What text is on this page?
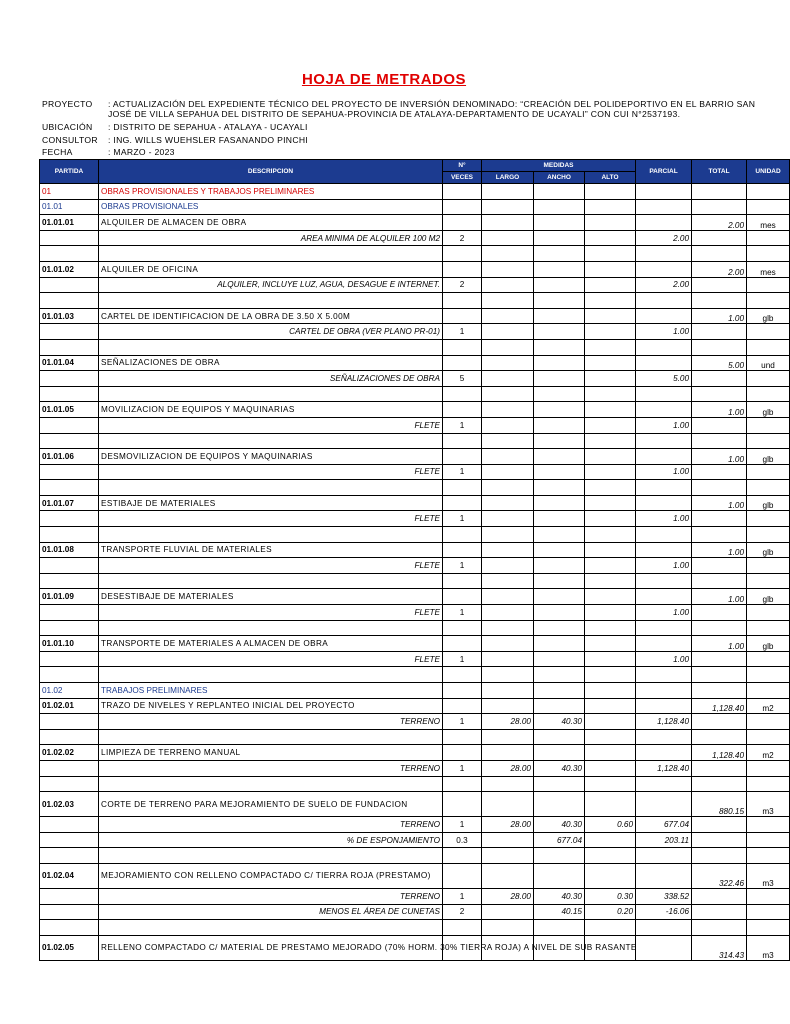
HOJA DE METRADOS
PROYECTO	: ACTUALIZACIÓN DEL EXPEDIENTE TÉCNICO DEL PROYECTO DE INVERSIÓN DENOMINADO: “CREACIÓN DEL POLIDEPORTIVO EN EL BARRIO SAN JOSÉ DE VILLA SEPAHUA DEL DISTRITO DE SEPAHUA-PROVINCIA DE ATALAYA-DEPARTAMENTO DE UCAYALI” CON CUI N°2537193.
UBICACIÓN	: DISTRITO DE SEPAHUA - ATALAYA - UCAYALI
CONSULTOR	: ING. WILLS WUEHSLER FASANANDO PINCHI
FECHA	: MARZO - 2023
PARTIDA	DESCRIPCION	N°	MEDIDAS			PARCIAL	TOTAL	UNIDAD
		VECES	LARGO	ANCHO	ALTO			
01	OBRAS PROVISIONALES Y TRABAJOS PRELIMINARES							
01.01	OBRAS PROVISIONALES							
01.01.01	ALQUILER DE ALMACEN DE OBRA						2.00	mes
	AREA MINIMA DE ALQUILER 100 M2	2				2.00		

01.01.02	ALQUILER DE OFICINA						2.00	mes
	ALQUILER, INCLUYE LUZ, AGUA, DESAGUE E INTERNET.	2				2.00		

01.01.03	CARTEL DE IDENTIFICACION DE LA OBRA DE 3.50 X 5.00M						1.00	glb
	CARTEL DE OBRA (VER PLANO PR-01)	1				1.00		

01.01.04	SEÑALIZACIONES DE OBRA						5.00	und
	SEÑALIZACIONES DE OBRA	5				5.00		

01.01.05	MOVILIZACION DE EQUIPOS Y MAQUINARIAS						1.00	glb
	FLETE	1				1.00		

01.01.06	DESMOVILIZACION DE EQUIPOS Y MAQUINARIAS						1.00	glb
	FLETE	1				1.00		

01.01.07	ESTIBAJE DE MATERIALES						1.00	glb
	FLETE	1				1.00		

01.01.08	TRANSPORTE FLUVIAL DE MATERIALES						1.00	glb
	FLETE	1				1.00		

01.01.09	DESESTIBAJE DE MATERIALES						1.00	glb
	FLETE	1				1.00		

01.01.10	TRANSPORTE DE MATERIALES A ALMACEN DE OBRA						1.00	glb
	FLETE	1				1.00		

01.02	TRABAJOS PRELIMINARES							
01.02.01	TRAZO DE NIVELES Y REPLANTEO INICIAL DEL PROYECTO						1,128.40	m2
	TERRENO	1	28.00	40.30		1,128.40		

01.02.02	LIMPIEZA DE TERRENO MANUAL						1,128.40	m2
	TERRENO	1	28.00	40.30		1,128.40		

01.02.03	CORTE DE TERRENO PARA MEJORAMIENTO DE SUELO DE FUNDACION						880.15	m3
	TERRENO	1	28.00	40.30	0.60	677.04		
	% DE ESPONJAMIENTO	0.3		677.04		203.11		

01.02.04	MEJORAMIENTO CON RELLENO COMPACTADO C/ TIERRA ROJA (PRESTAMO)						322.46	m3
	TERRENO	1	28.00	40.30	0.30	338.52		
	MENOS EL ÁREA DE CUNETAS	2		40.15	0.20	-16.06		

01.02.05	RELLENO COMPACTADO C/ MATERIAL DE PRESTAMO MEJORADO (70% HORM. 30% TIERRA ROJA) A NIVEL DE SUB RASANTE						314.43	m3
